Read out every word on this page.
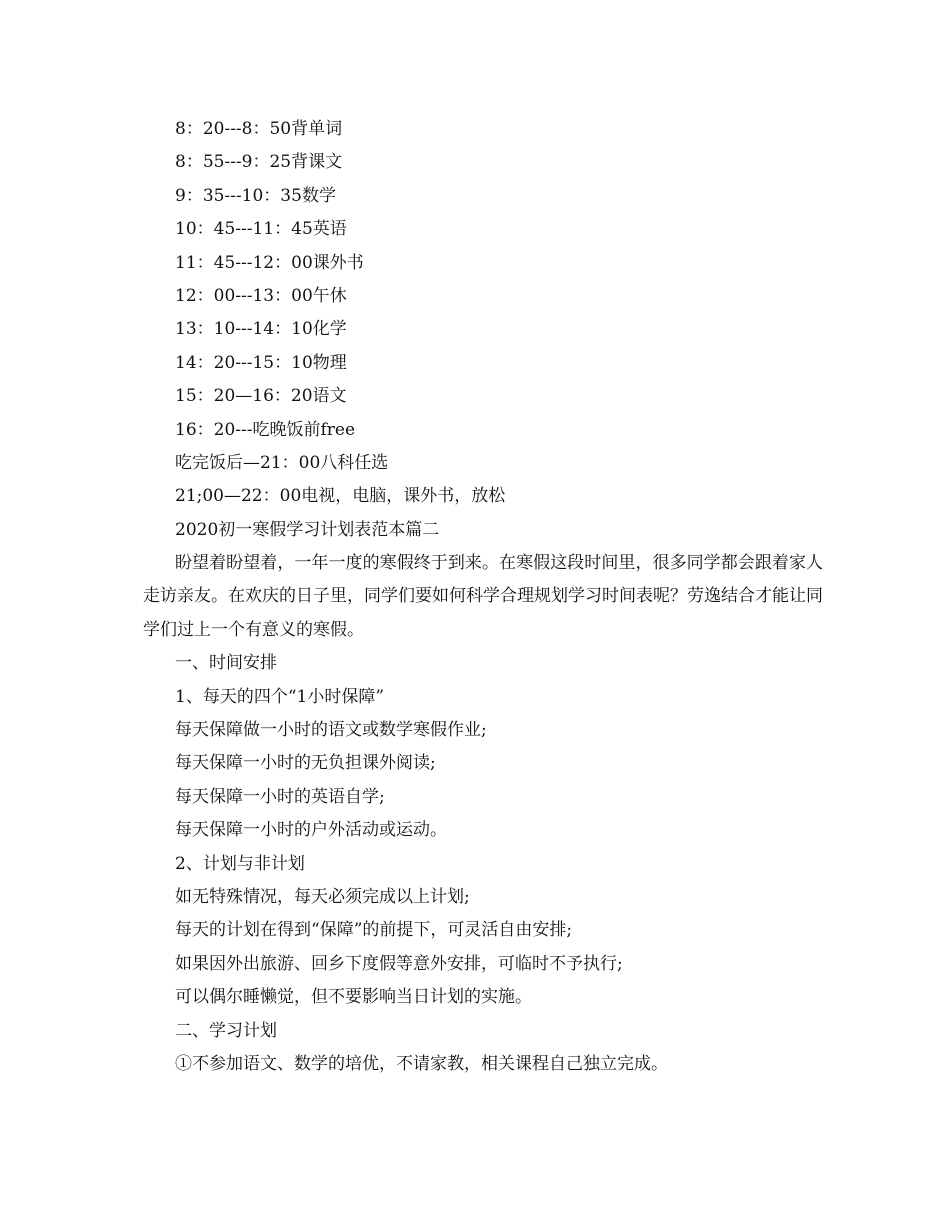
8：20---8：50背单词
8：55---9：25背课文
9：35---10：35数学
10：45---11：45英语
11：45---12：00课外书
12：00---13：00午休
13：10---14：10化学
14：20---15：10物理
15：20—16：20语文
16：20---吃晚饭前free
吃完饭后—21：00八科任选
21;00—22：00电视，电脑，课外书，放松
2020初一寒假学习计划表范本篇二

盼望着盼望着，一年一度的寒假终于到来。在寒假这段时间里，很多同学都会跟着家人走访亲友。在欢庆的日子里，同学们要如何科学合理规划学习时间表呢？劳逸结合才能让同学们过上一个有意义的寒假。

一、时间安排
1、每天的四个“1小时保障”
每天保障做一小时的语文或数学寒假作业;
每天保障一小时的无负担课外阅读;
每天保障一小时的英语自学;
每天保障一小时的户外活动或运动。
2、计划与非计划
如无特殊情况，每天必须完成以上计划;
每天的计划在得到“保障”的前提下，可灵活自由安排;
如果因外出旅游、回乡下度假等意外安排，可临时不予执行;
可以偶尔睡懒觉，但不要影响当日计划的实施。
二、学习计划
①不参加语文、数学的培优，不请家教，相关课程自己独立完成。
